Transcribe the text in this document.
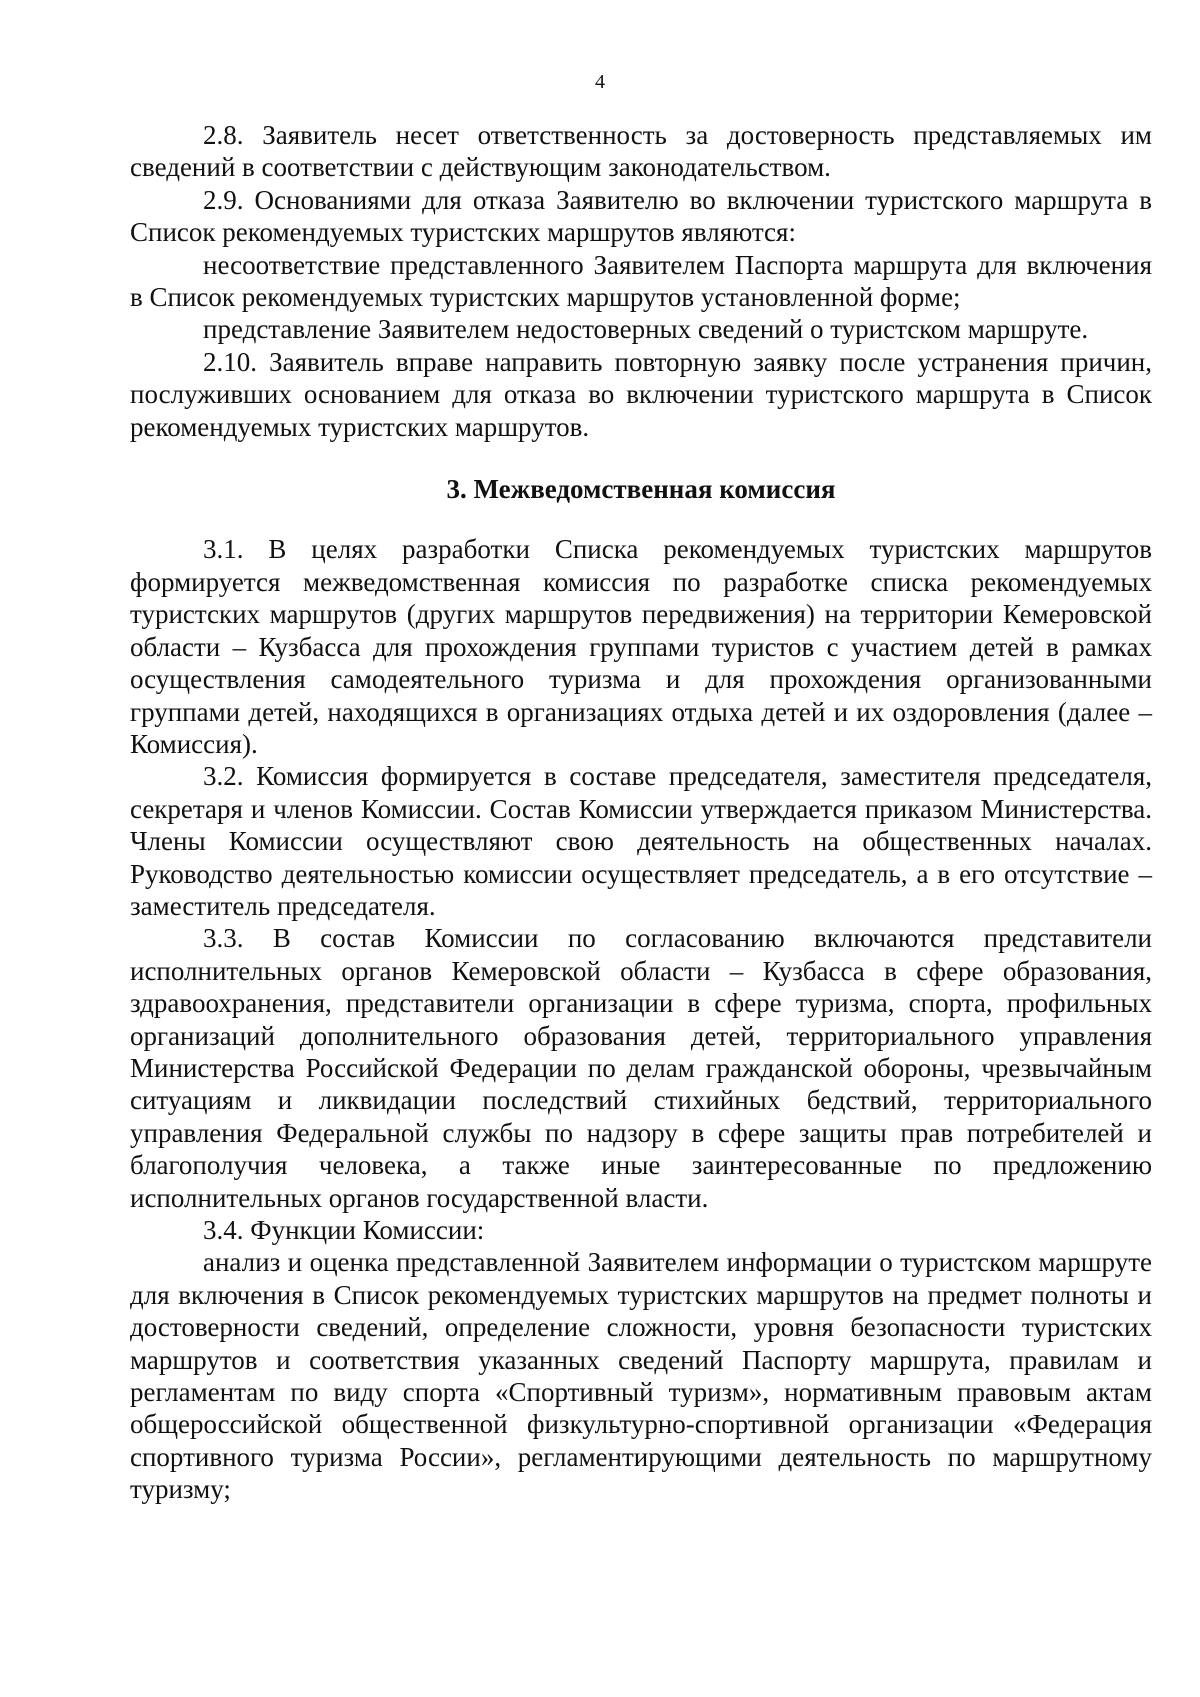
4

2.8. Заявитель несет ответственность за достоверность представляемых им сведений в соответствии с действующим законодательством.

2.9. Основаниями для отказа Заявителю во включении туристского маршрута в Список рекомендуемых туристских маршрутов являются:

несоответствие представленного Заявителем Паспорта маршрута для включения в Список рекомендуемых туристских маршрутов установленной форме;

представление Заявителем недостоверных сведений о туристском маршруте.

2.10. Заявитель вправе направить повторную заявку после устранения причин, послуживших основанием для отказа во включении туристского маршрута в Список рекомендуемых туристских маршрутов.

3. Межведомственная комиссия

3.1. В целях разработки Списка рекомендуемых туристских маршрутов формируется межведомственная комиссия по разработке списка рекомендуемых туристских маршрутов (других маршрутов передвижения) на территории Кемеровской области – Кузбасса для прохождения группами туристов с участием детей в рамках осуществления самодеятельного туризма и для прохождения организованными группами детей, находящихся в организациях отдыха детей и их оздоровления (далее – Комиссия).

3.2. Комиссия формируется в составе председателя, заместителя председателя, секретаря и членов Комиссии. Состав Комиссии утверждается приказом Министерства. Члены Комиссии осуществляют свою деятельность на общественных началах. Руководство деятельностью комиссии осуществляет председатель, а в его отсутствие – заместитель председателя.

3.3. В состав Комиссии по согласованию включаются представители исполнительных органов Кемеровской области – Кузбасса в сфере образования, здравоохранения, представители организации в сфере туризма, спорта, профильных организаций дополнительного образования детей, территориального управления Министерства Российской Федерации по делам гражданской обороны, чрезвычайным ситуациям и ликвидации последствий стихийных бедствий, территориального управления Федеральной службы по надзору в сфере защиты прав потребителей и благополучия человека, а также иные заинтересованные по предложению исполнительных органов государственной власти.

3.4. Функции Комиссии:

анализ и оценка представленной Заявителем информации о туристском маршруте для включения в Список рекомендуемых туристских маршрутов на предмет полноты и достоверности сведений, определение сложности, уровня безопасности туристских маршрутов и соответствия указанных сведений Паспорту маршрута, правилам и регламентам по виду спорта «Спортивный туризм», нормативным правовым актам общероссийской общественной физкультурно-спортивной организации «Федерация спортивного туризма России», регламентирующими деятельность по маршрутному туризму;
